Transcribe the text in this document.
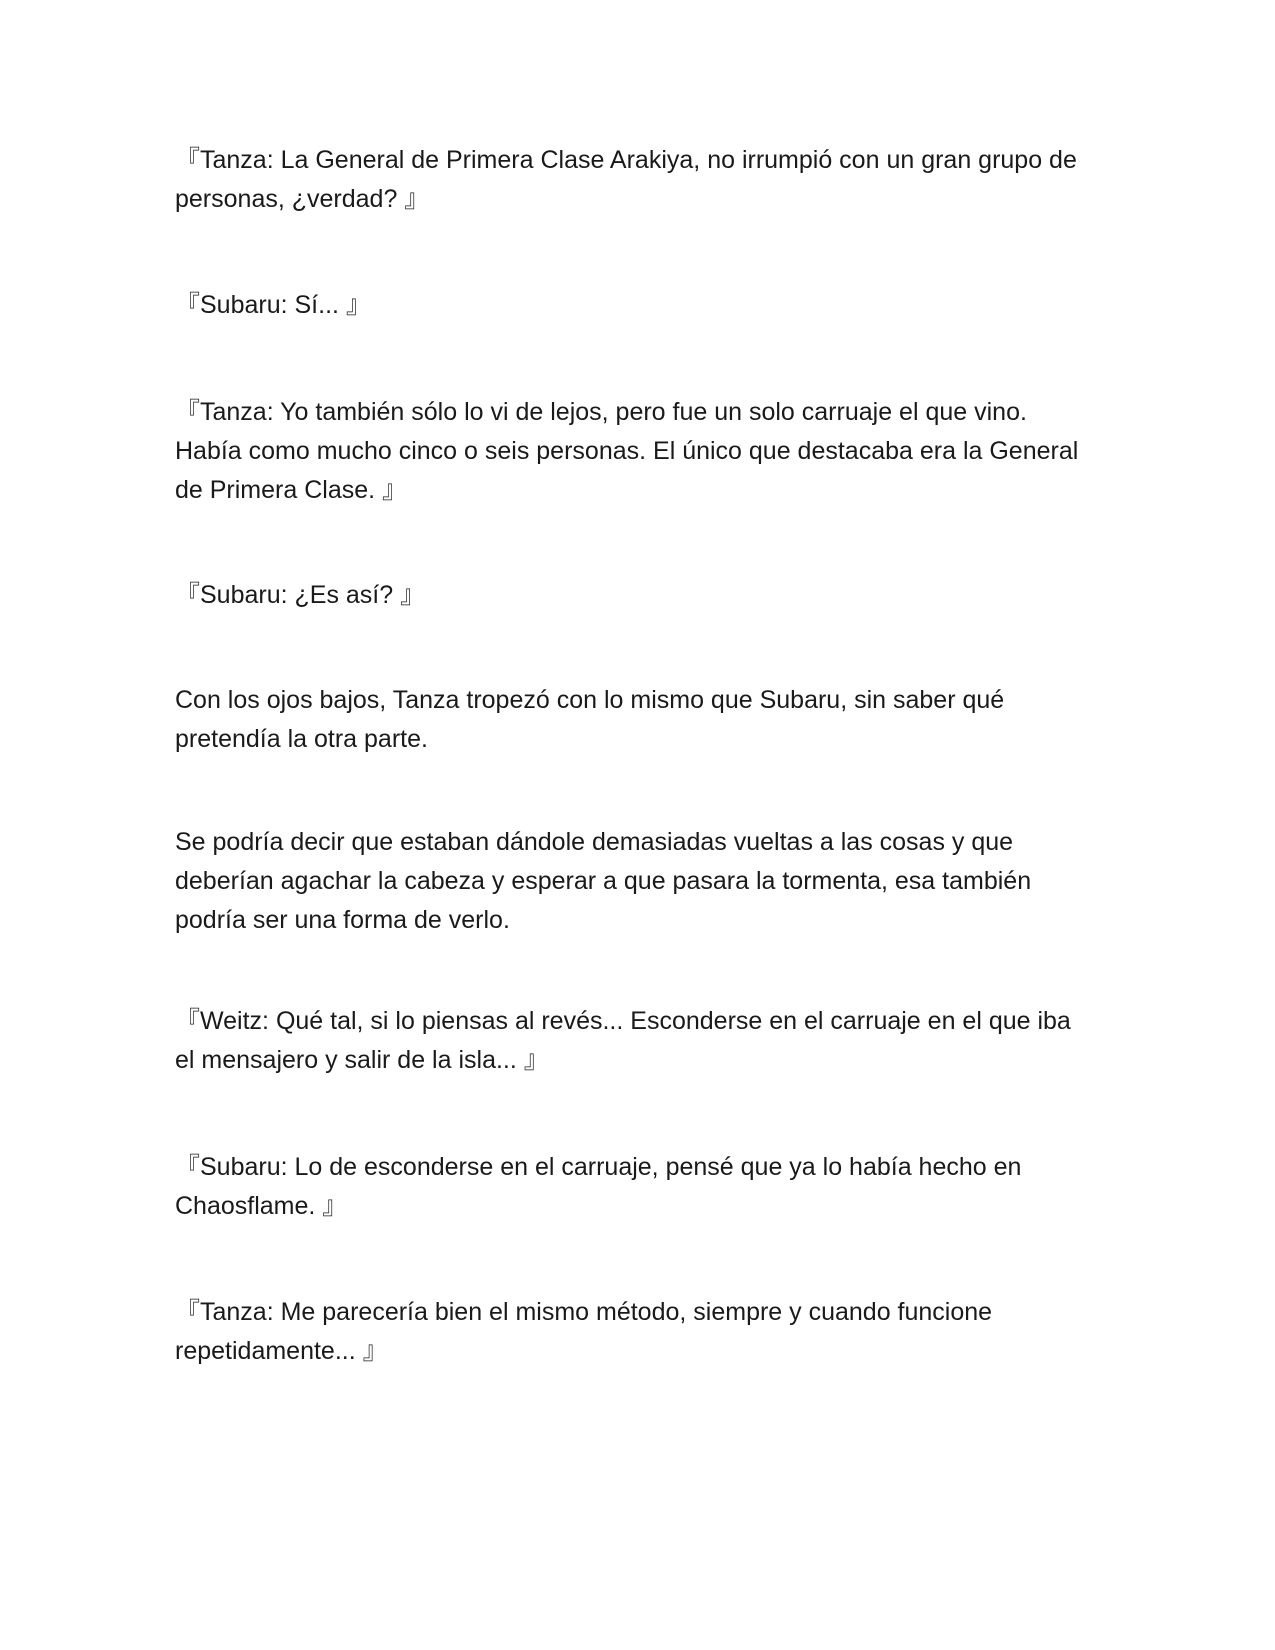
『Tanza: La General de Primera Clase Arakiya, no irrumpió con un gran grupo de personas, ¿verdad? 』

『Subaru: Sí... 』

『Tanza: Yo también sólo lo vi de lejos, pero fue un solo carruaje el que vino. Había como mucho cinco o seis personas. El único que destacaba era la General de Primera Clase. 』

『Subaru: ¿Es así? 』

Con los ojos bajos, Tanza tropezó con lo mismo que Subaru, sin saber qué pretendía la otra parte.

Se podría decir que estaban dándole demasiadas vueltas a las cosas y que deberían agachar la cabeza y esperar a que pasara la tormenta, esa también podría ser una forma de verlo.

『Weitz: Qué tal, si lo piensas al revés... Esconderse en el carruaje en el que iba el mensajero y salir de la isla... 』

『Subaru: Lo de esconderse en el carruaje, pensé que ya lo había hecho en Chaosflame. 』

『Tanza: Me parecería bien el mismo método, siempre y cuando funcione repetidamente... 』
